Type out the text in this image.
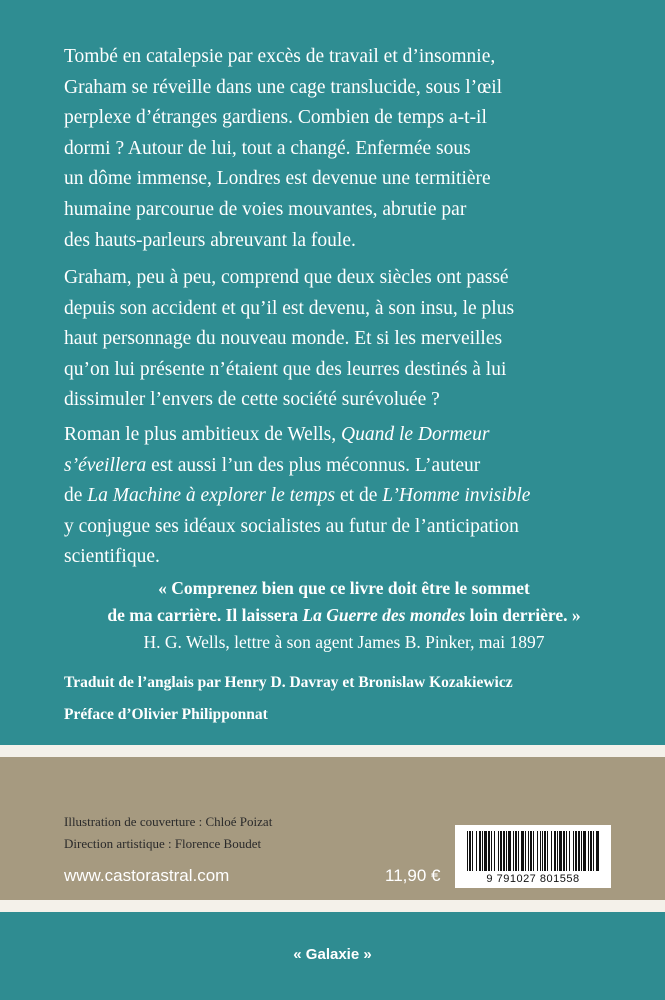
Tombé en catalepsie par excès de travail et d’insomnie,
Graham se réveille dans une cage translucide, sous l’œil
perplexe d’étranges gardiens. Combien de temps a-t-il
dormi ? Autour de lui, tout a changé. Enfermée sous
un dôme immense, Londres est devenue une termitière
humaine parcourue de voies mouvantes, abrutie par
des hauts-parleurs abreuvant la foule.
Graham, peu à peu, comprend que deux siècles ont passé
depuis son accident et qu’il est devenu, à son insu, le plus
haut personnage du nouveau monde. Et si les merveilles
qu’on lui présente n’étaient que des leurres destinés à lui
dissimuler l’envers de cette société surévoluée ?
Roman le plus ambitieux de Wells, Quand le Dormeur
s’éveillera est aussi l’un des plus méconnus. L’auteur
de La Machine à explorer le temps et de L’Homme invisible
y conjugue ses idéaux socialistes au futur de l’anticipation
scientifique.
« Comprenez bien que ce livre doit être le sommet
de ma carrière. Il laissera La Guerre des mondes loin derrière. »
H. G. Wells, lettre à son agent James B. Pinker, mai 1897
Traduit de l’anglais par Henry D. Davray et Bronislaw Kozakiewicz
Préface d’Olivier Philipponnat
Illustration de couverture : Chloé Poizat
Direction artistique : Florence Boudet
www.castorastral.com	11,90 €	9 791027 801558
« Galaxie »
